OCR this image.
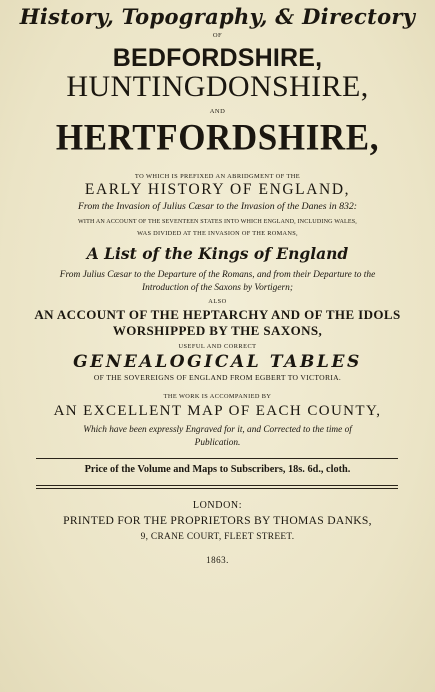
History, Topography, & Directory
OF
BEDFORDSHIRE,
HUNTINGDONSHIRE,
AND
HERTFORDSHIRE,
TO WHICH IS PREFIXED AN ABRIDGMENT OF THE
EARLY HISTORY OF ENGLAND,
From the Invasion of Julius Cæsar to the Invasion of the Danes in 832:
WITH AN ACCOUNT OF THE SEVENTEEN STATES INTO WHICH ENGLAND, INCLUDING WALES,
WAS DIVIDED AT THE INVASION OF THE ROMANS,
A List of the Kings of England
From Julius Cæsar to the Departure of the Romans, and from their Departure to the
Introduction of the Saxons by Vortigern;
ALSO
AN ACCOUNT OF THE HEPTARCHY AND OF THE IDOLS
WORSHIPPED BY THE SAXONS,
USEFUL AND CORRECT
GENEALOGICAL TABLES
OF THE SOVEREIGNS OF ENGLAND FROM EGBERT TO VICTORIA.
THE WORK IS ACCOMPANIED BY
AN EXCELLENT MAP OF EACH COUNTY,
Which have been expressly Engraved for it, and Corrected to the time of
Publication.
Price of the Volume and Maps to Subscribers, 18s. 6d., cloth.
LONDON:
PRINTED FOR THE PROPRIETORS BY THOMAS DANKS,
9, CRANE COURT, FLEET STREET.
1863.
